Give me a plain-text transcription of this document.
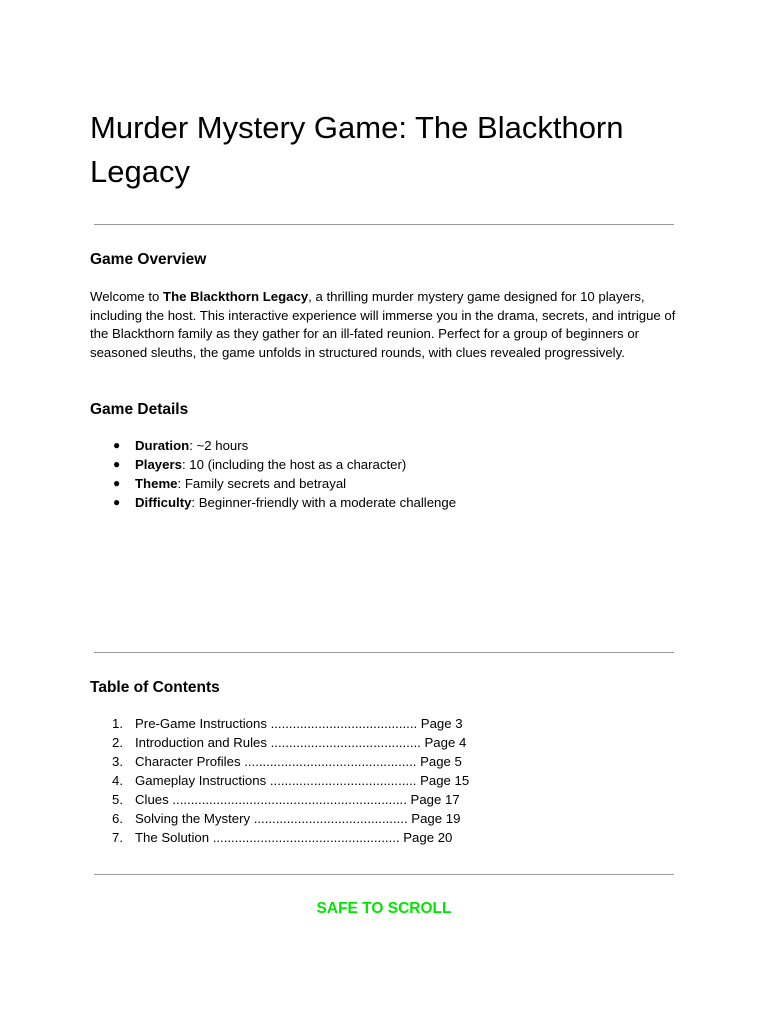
Murder Mystery Game: The Blackthorn Legacy
Game Overview

Welcome to The Blackthorn Legacy, a thrilling murder mystery game designed for 10 players, including the host. This interactive experience will immerse you in the drama, secrets, and intrigue of the Blackthorn family as they gather for an ill-fated reunion. Perfect for a group of beginners or seasoned sleuths, the game unfolds in structured rounds, with clues revealed progressively.

Game Details
● Duration: ~2 hours
● Players: 10 (including the host as a character)
● Theme: Family secrets and betrayal
● Difficulty: Beginner-friendly with a moderate challenge
Table of Contents
1. Pre-Game Instructions ........................................ Page 3
2. Introduction and Rules ......................................... Page 4
3. Character Profiles ............................................... Page 5
4. Gameplay Instructions ........................................ Page 15
5. Clues ................................................................ Page 17
6. Solving the Mystery .......................................... Page 19
7. The Solution ................................................... Page 20
SAFE TO SCROLL
